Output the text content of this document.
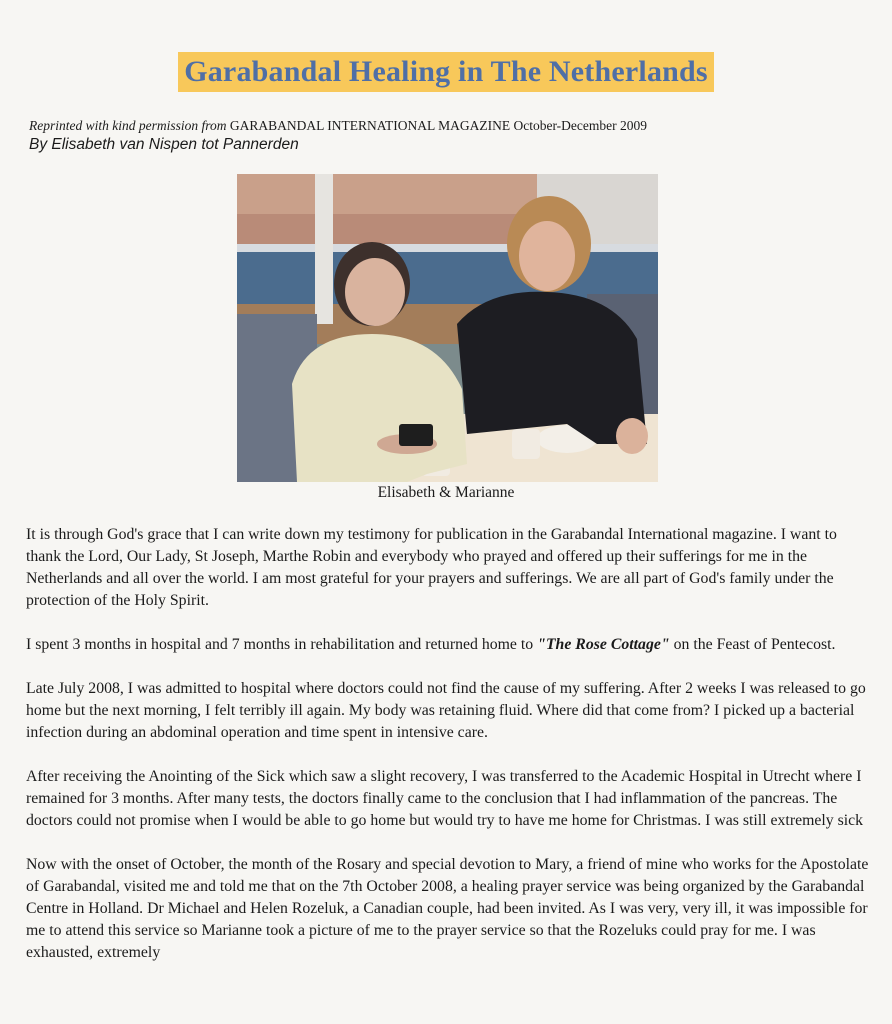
Garabandal Healing in The Netherlands
Reprinted with kind permission from GARABANDAL INTERNATIONAL MAGAZINE October-December 2009
By Elisabeth van Nispen tot Pannerden
Elisabeth & Marianne

It is through God's grace that I can write down my testimony for publication in the Garabandal International magazine. I want to thank the Lord, Our Lady, St Joseph, Marthe Robin and everybody who prayed and offered up their sufferings for me in the Netherlands and all over the world. I am most grateful for your prayers and sufferings. We are all part of God's family under the protection of the Holy Spirit.

I spent 3 months in hospital and 7 months in rehabilitation and returned home to "The Rose Cottage" on the Feast of Pentecost.

Late July 2008, I was admitted to hospital where doctors could not find the cause of my suffering. After 2 weeks I was released to go home but the next morning, I felt terribly ill again. My body was retaining fluid. Where did that come from? I picked up a bacterial infection during an abdominal operation and time spent in intensive care.

After receiving the Anointing of the Sick which saw a slight recovery, I was transferred to the Academic Hospital in Utrecht where I remained for 3 months. After many tests, the doctors finally came to the conclusion that I had inflammation of the pancreas. The doctors could not promise when I would be able to go home but would try to have me home for Christmas. I was still extremely sick

Now with the onset of October, the month of the Rosary and special devotion to Mary, a friend of mine who works for the Apostolate of Garabandal, visited me and told me that on the 7th October 2008, a healing prayer service was being organized by the Garabandal Centre in Holland. Dr Michael and Helen Rozeluk, a Canadian couple, had been invited. As I was very, very ill, it was impossible for me to attend this service so Marianne took a picture of me to the prayer service so that the Rozeluks could pray for me. I was exhausted, extremely
